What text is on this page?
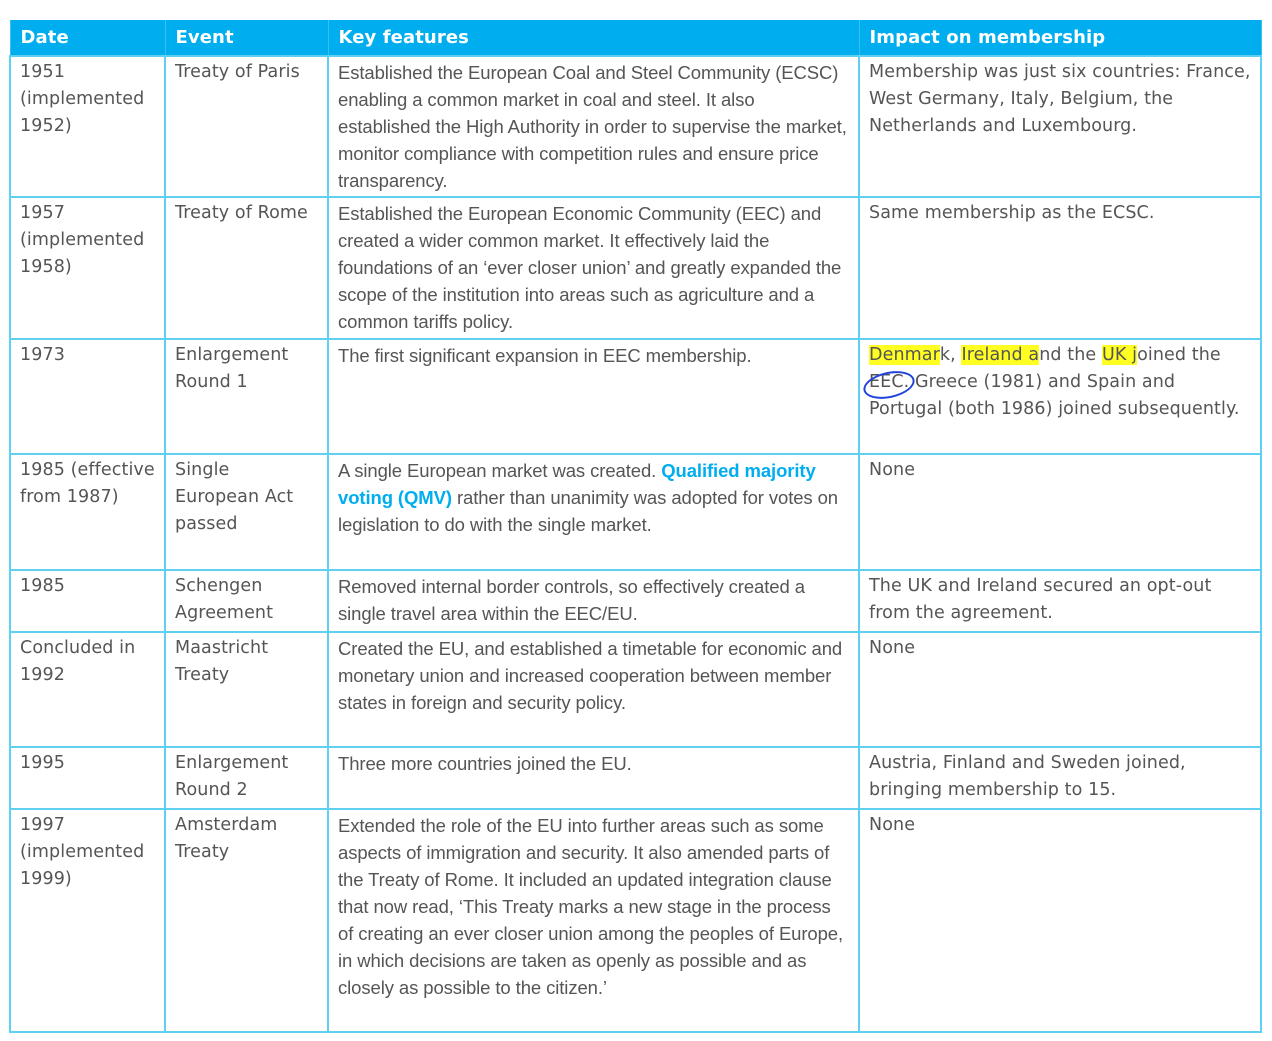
Date	Event	Key features	Impact on membership
1951 (implemented 1952)	Treaty of Paris	Established the European Coal and Steel Community (ECSC) enabling a common market in coal and steel. It also established the High Authority in order to supervise the market, monitor compliance with competition rules and ensure price transparency.	Membership was just six countries: France, West Germany, Italy, Belgium, the Netherlands and Luxembourg.
1957 (implemented 1958)	Treaty of Rome	Established the European Economic Community (EEC) and created a wider common market. It effectively laid the foundations of an ‘ever closer union’ and greatly expanded the scope of the institution into areas such as agriculture and a common tariffs policy.	Same membership as the ECSC.
1973	Enlargement Round 1	The first significant expansion in EEC membership.	Denmark, Ireland and the UK joined the EEC. Greece (1981) and Spain and Portugal (both 1986) joined subsequently.
1985 (effective from 1987)	Single European Act passed	A single European market was created. Qualified majority voting (QMV) rather than unanimity was adopted for votes on legislation to do with the single market.	None
1985	Schengen Agreement	Removed internal border controls, so effectively created a single travel area within the EEC/EU.	The UK and Ireland secured an opt-out from the agreement.
Concluded in 1992	Maastricht Treaty	Created the EU, and established a timetable for economic and monetary union and increased cooperation between member states in foreign and security policy.	None
1995	Enlargement Round 2	Three more countries joined the EU.	Austria, Finland and Sweden joined, bringing membership to 15.
1997 (implemented 1999)	Amsterdam Treaty	Extended the role of the EU into further areas such as some aspects of immigration and security. It also amended parts of the Treaty of Rome. It included an updated integration clause that now read, ‘This Treaty marks a new stage in the process of creating an ever closer union among the peoples of Europe, in which decisions are taken as openly as possible and as closely as possible to the citizen.’	None
